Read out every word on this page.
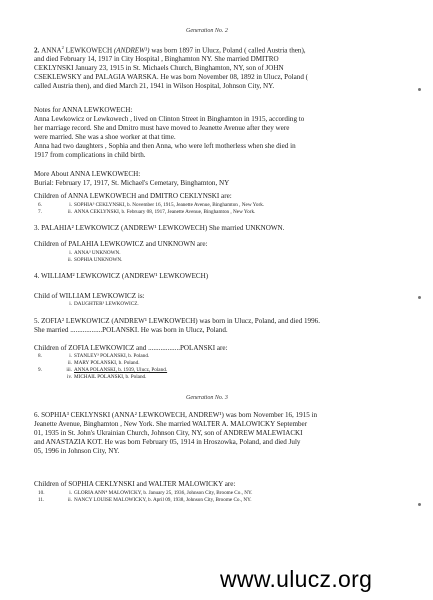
Generation No. 2
2. ANNA$^2$ LEWKOWECH (ANDREW¹) was born 1897 in Ulucz, Poland ( called Austria then),
and died February 14, 1917 in City Hospital , Binghamton NY. She married DMITRO
CEKLYNSKI January 23, 1915 in St. Michaels Church, Binghamton, NY, son of JOHN
CSEKLEWSKY and PALAGIA WARSKA. He was born November 08, 1892 in Ulucz, Poland (
called Austria then), and died March 21, 1941 in Wilson Hospital, Johnson City, NY.
Notes for ANNA LEWKOWECH:
Anna Lewkowicz or Lewkowech , lived on Clinton Street in Binghamton in 1915, according to
her marriage record. She and Dmitro must have moved to Jeanette Avenue after they were
were married. She was a shoe worker at that time.
Anna had two daughters , Sophia and then Anna, who were left motherless when she died in
1917 from complications in child birth.
More About ANNA LEWKOWECH:
Burial: February 17, 1917, St. Michael's Cemetary, Binghamton, NY
Children of ANNA LEWKOWECH and DMITRO CEKLYNSKI are:
6.	i. SOPHIA³ CEKLYNSKI, b. November 16, 1915, Jeanette Avenue, Binghamton , New York.
7.	ii. ANNA CEKLYNSKI, b. February 08, 1917, Jeanette Avenue, Binghamton , New York.
3. PALAHIA² LEWKOWICZ (ANDREW¹ LEWKOWECH) She married UNKNOWN.
Children of PALAHIA LEWKOWICZ and UNKNOWN are:
i. ANNA³ UNKNOWN.
ii. SOPHIA UNKNOWN.
4. WILLIAM² LEWKOWICZ (ANDREW¹ LEWKOWECH)
Child of WILLIAM LEWKOWICZ is:
i. DAUGHTER³ LEWKOWICZ.
5. ZOFIA² LEWKOWICZ (ANDREW¹ LEWKOWECH) was born in Ulucz, Poland, and died 1996.
She married ..................POLANSKI. He was born in Ulucz, Poland.
Children of ZOFIA LEWKOWICZ and ..................POLANSKI are:
8.	i. STANLEY³ POLANSKI, b. Poland.
ii. MARY POLANSKI, b. Poland.
9.	iii. ANNA POLANSKI, b. 1939, Ulucz, Poland.
iv. MICHAIL POLANSKI, b. Poland.
Generation No. 3
6. SOPHIA³ CEKLYNSKI (ANNA² LEWKOWECH, ANDREW¹) was born November 16, 1915 in
Jeanette Avenue, Binghamton , New York. She married WALTER A. MALOWICKY September
01, 1935 in St. John's Ukrainian Church, Johnson City, NY, son of ANDREW MALEWIACKI
and ANASTAZIA KOT. He was born February 05, 1914 in Hroszowka, Poland, and died July
05, 1996 in Johnson City, NY.
Children of SOPHIA CEKLYNSKI and WALTER MALOWICKY are:
10.	i. GLORIA ANN⁴ MALOWICKY, b. January 25, 1936, Johnson City, Broome Co., NY.
11.	ii. NANCY LOUISE MALOWICKY, b. April 09, 1938, Johnson City, Broome Co., NY.
www.ulucz.org
